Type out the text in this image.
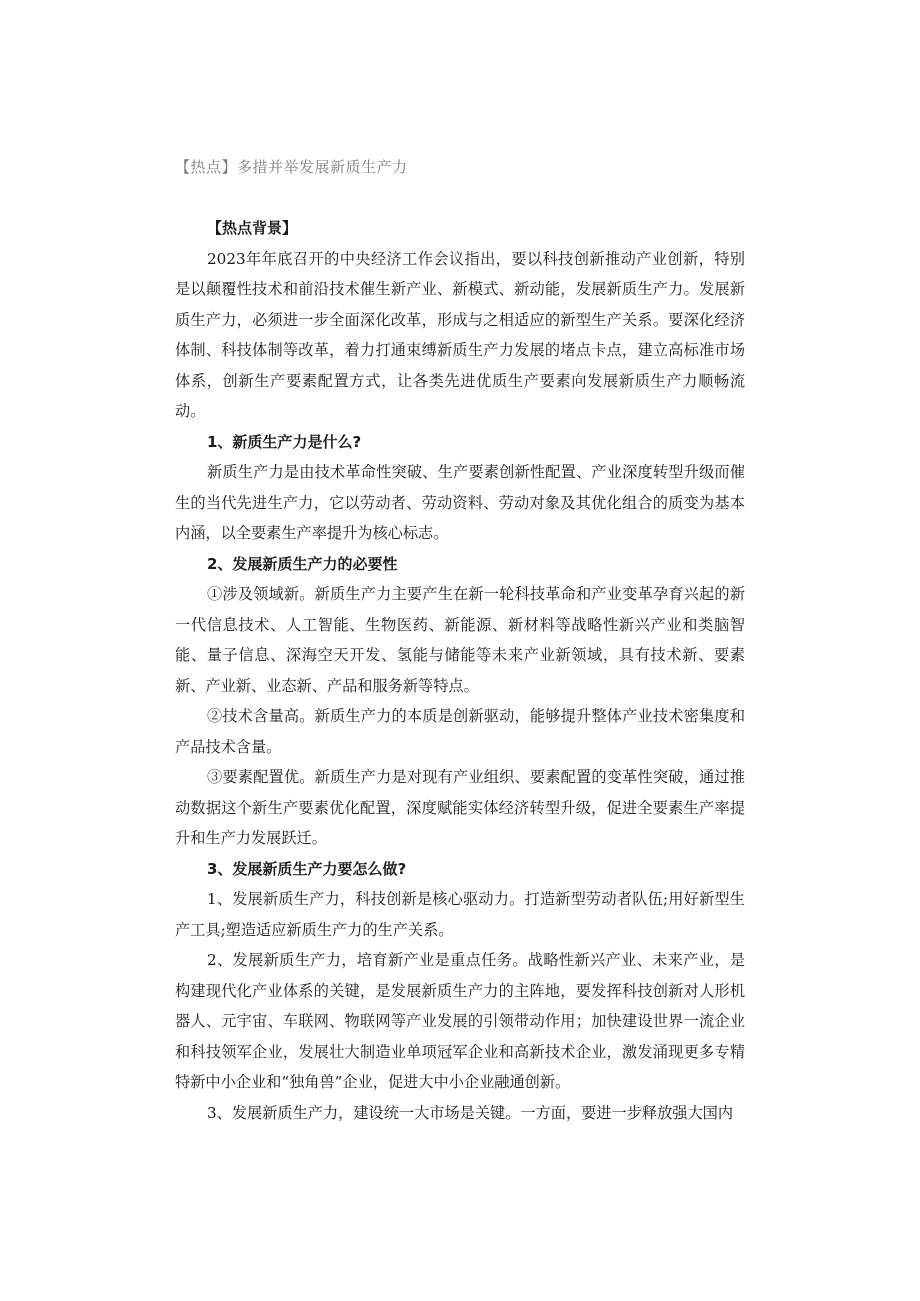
【热点】多措并举发展新质生产力
【热点背景】

2023年年底召开的中央经济工作会议指出，要以科技创新推动产业创新，特别是以颠覆性技术和前沿技术催生新产业、新模式、新动能，发展新质生产力。发展新质生产力，必须进一步全面深化改革，形成与之相适应的新型生产关系。要深化经济体制、科技体制等改革，着力打通束缚新质生产力发展的堵点卡点，建立高标准市场体系，创新生产要素配置方式，让各类先进优质生产要素向发展新质生产力顺畅流动。

1、新质生产力是什么?

新质生产力是由技术革命性突破、生产要素创新性配置、产业深度转型升级而催生的当代先进生产力，它以劳动者、劳动资料、劳动对象及其优化组合的质变为基本内涵，以全要素生产率提升为核心标志。

2、发展新质生产力的必要性

①涉及领域新。新质生产力主要产生在新一轮科技革命和产业变革孕育兴起的新一代信息技术、人工智能、生物医药、新能源、新材料等战略性新兴产业和类脑智能、量子信息、深海空天开发、氢能与储能等未来产业新领域，具有技术新、要素新、产业新、业态新、产品和服务新等特点。

②技术含量高。新质生产力的本质是创新驱动，能够提升整体产业技术密集度和产品技术含量。

③要素配置优。新质生产力是对现有产业组织、要素配置的变革性突破，通过推动数据这个新生产要素优化配置，深度赋能实体经济转型升级，促进全要素生产率提升和生产力发展跃迁。

3、发展新质生产力要怎么做?

1、发展新质生产力，科技创新是核心驱动力。打造新型劳动者队伍;用好新型生产工具;塑造适应新质生产力的生产关系。

2、发展新质生产力，培育新产业是重点任务。战略性新兴产业、未来产业，是构建现代化产业体系的关键，是发展新质生产力的主阵地，要发挥科技创新对人形机器人、元宇宙、车联网、物联网等产业发展的引领带动作用；加快建设世界一流企业和科技领军企业，发展壮大制造业单项冠军企业和高新技术企业，激发涌现更多专精特新中小企业和“独角兽”企业，促进大中小企业融通创新。

3、发展新质生产力，建设统一大市场是关键。一方面，要进一步释放强大国内
